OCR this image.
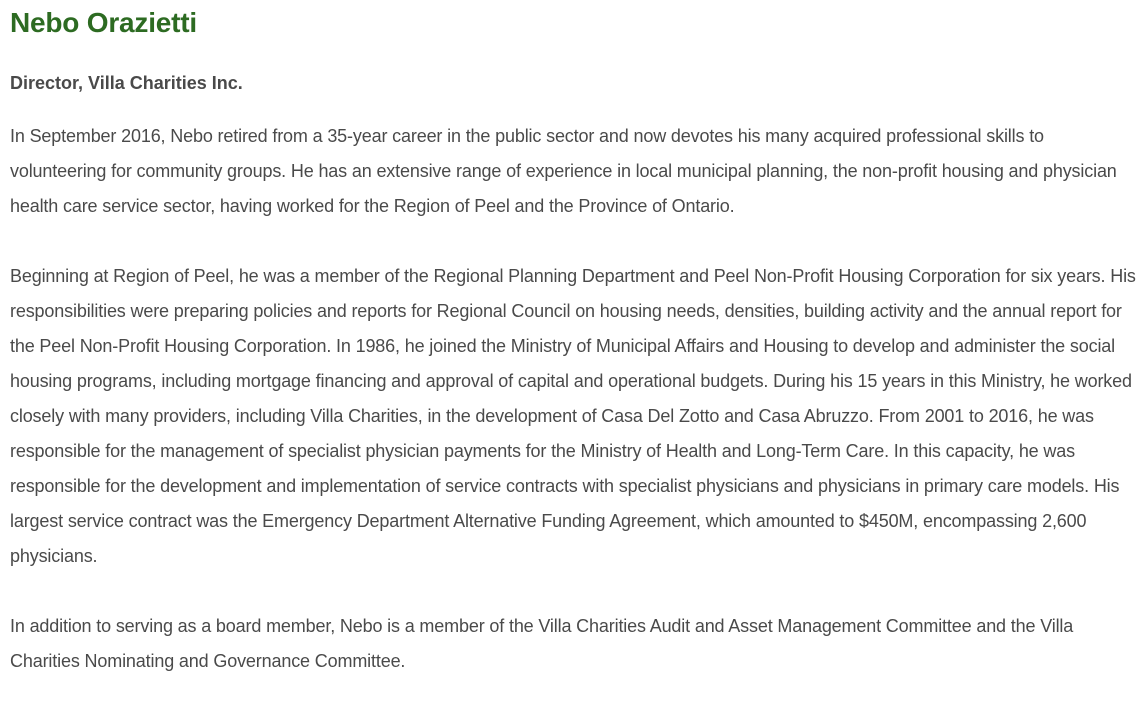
Nebo Orazietti
Director, Villa Charities Inc.

In September 2016, Nebo retired from a 35-year career in the public sector and now devotes his many acquired professional skills to volunteering for community groups. He has an extensive range of experience in local municipal planning, the non-profit housing and physician health care service sector, having worked for the Region of Peel and the Province of Ontario.

Beginning at Region of Peel, he was a member of the Regional Planning Department and Peel Non-Profit Housing Corporation for six years. His responsibilities were preparing policies and reports for Regional Council on housing needs, densities, building activity and the annual report for the Peel Non-Profit Housing Corporation. In 1986, he joined the Ministry of Municipal Affairs and Housing to develop and administer the social housing programs, including mortgage financing and approval of capital and operational budgets. During his 15 years in this Ministry, he worked closely with many providers, including Villa Charities, in the development of Casa Del Zotto and Casa Abruzzo. From 2001 to 2016, he was responsible for the management of specialist physician payments for the Ministry of Health and Long-Term Care. In this capacity, he was responsible for the development and implementation of service contracts with specialist physicians and physicians in primary care models. His largest service contract was the Emergency Department Alternative Funding Agreement, which amounted to $450M, encompassing 2,600 physicians.

In addition to serving as a board member, Nebo is a member of the Villa Charities Audit and Asset Management Committee and the Villa Charities Nominating and Governance Committee.
